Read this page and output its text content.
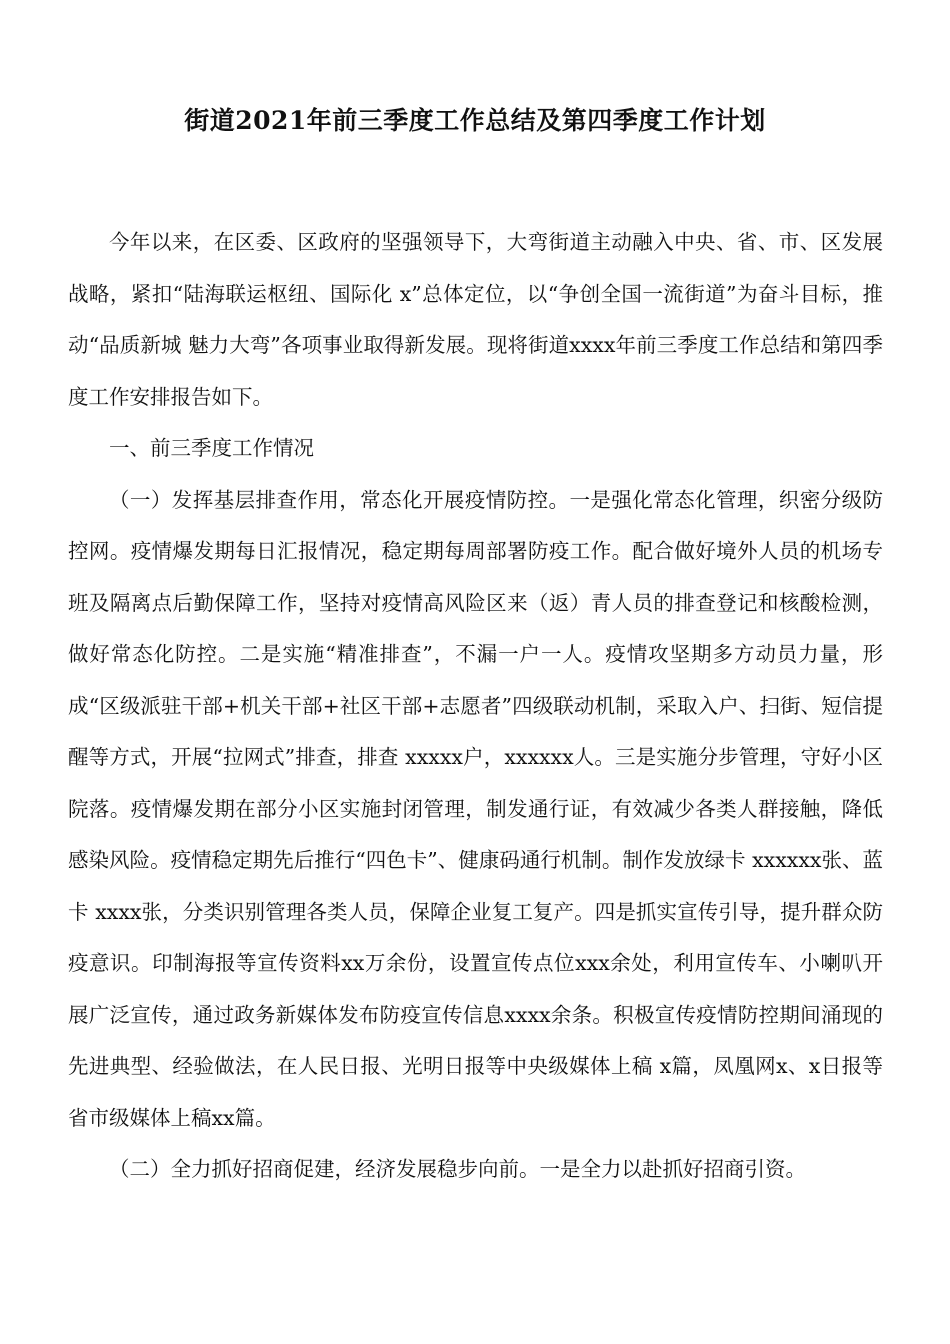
街道2021年前三季度工作总结及第四季度工作计划

今年以来，在区委、区政府的坚强领导下，大弯街道主动融入中央、省、市、区发展战略，紧扣“陆海联运枢纽、国际化 x”总体定位，以“争创全国一流街道”为奋斗目标，推动“品质新城 魅力大弯”各项事业取得新发展。现将街道xxxx年前三季度工作总结和第四季度工作安排报告如下。

一、前三季度工作情况

（一）发挥基层排查作用，常态化开展疫情防控。一是强化常态化管理，织密分级防控网。疫情爆发期每日汇报情况，稳定期每周部署防疫工作。配合做好境外人员的机场专班及隔离点后勤保障工作，坚持对疫情高风险区来（返）青人员的排查登记和核酸检测，做好常态化防控。二是实施“精准排查”，不漏一户一人。疫情攻坚期多方动员力量，形成“区级派驻干部+机关干部+社区干部+志愿者”四级联动机制，采取入户、扫街、短信提醒等方式，开展“拉网式”排查，排查 xxxxx户，xxxxxx人。三是实施分步管理，守好小区院落。疫情爆发期在部分小区实施封闭管理，制发通行证，有效减少各类人群接触，降低感染风险。疫情稳定期先后推行“四色卡”、健康码通行机制。制作发放绿卡 xxxxxx张、蓝卡 xxxx张，分类识别管理各类人员，保障企业复工复产。四是抓实宣传引导，提升群众防疫意识。印制海报等宣传资料xx万余份，设置宣传点位xxx余处，利用宣传车、小喇叭开展广泛宣传，通过政务新媒体发布防疫宣传信息xxxx余条。积极宣传疫情防控期间涌现的先进典型、经验做法，在人民日报、光明日报等中央级媒体上稿 x篇，凤凰网x、x日报等省市级媒体上稿xx篇。

（二）全力抓好招商促建，经济发展稳步向前。一是全力以赴抓好招商引资。
